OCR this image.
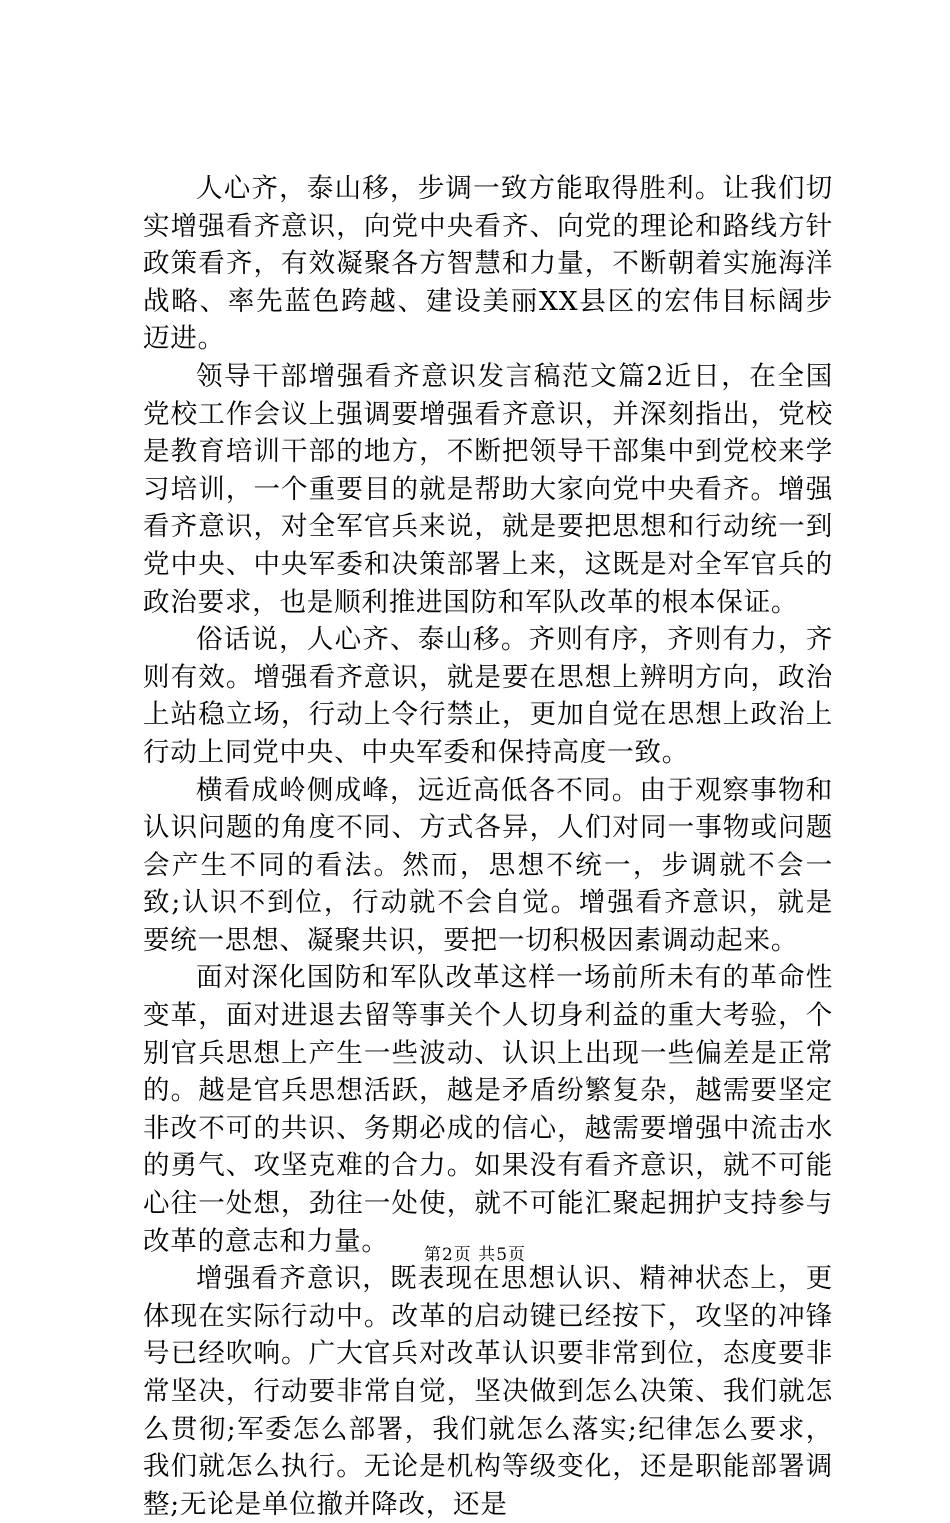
人心齐，泰山移，步调一致方能取得胜利。让我们切实增强看齐意识，向党中央看齐、向党的理论和路线方针政策看齐，有效凝聚各方智慧和力量，不断朝着实施海洋战略、率先蓝色跨越、建设美丽XX县区的宏伟目标阔步迈进。

领导干部增强看齐意识发言稿范文篇2近日，在全国党校工作会议上强调要增强看齐意识，并深刻指出，党校是教育培训干部的地方，不断把领导干部集中到党校来学习培训，一个重要目的就是帮助大家向党中央看齐。增强看齐意识，对全军官兵来说，就是要把思想和行动统一到党中央、中央军委和决策部署上来，这既是对全军官兵的政治要求，也是顺利推进国防和军队改革的根本保证。

俗话说，人心齐、泰山移。齐则有序，齐则有力，齐则有效。增强看齐意识，就是要在思想上辨明方向，政治上站稳立场，行动上令行禁止，更加自觉在思想上政治上行动上同党中央、中央军委和保持高度一致。

横看成岭侧成峰，远近高低各不同。由于观察事物和认识问题的角度不同、方式各异，人们对同一事物或问题会产生不同的看法。然而，思想不统一，步调就不会一致;认识不到位，行动就不会自觉。增强看齐意识，就是要统一思想、凝聚共识，要把一切积极因素调动起来。

面对深化国防和军队改革这样一场前所未有的革命性变革，面对进退去留等事关个人切身利益的重大考验，个别官兵思想上产生一些波动、认识上出现一些偏差是正常的。越是官兵思想活跃，越是矛盾纷繁复杂，越需要坚定非改不可的共识、务期必成的信心，越需要增强中流击水的勇气、攻坚克难的合力。如果没有看齐意识，就不可能心往一处想，劲往一处使，就不可能汇聚起拥护支持参与改革的意志和力量。

增强看齐意识，既表现在思想认识、精神状态上，更体现在实际行动中。改革的启动键已经按下，攻坚的冲锋号已经吹响。广大官兵对改革认识要非常到位，态度要非常坚决，行动要非常自觉，坚决做到怎么决策、我们就怎么贯彻;军委怎么部署，我们就怎么落实;纪律怎么要求，我们就怎么执行。无论是机构等级变化，还是职能部署调整;无论是单位撤并降改，还是

第2页 共5页
